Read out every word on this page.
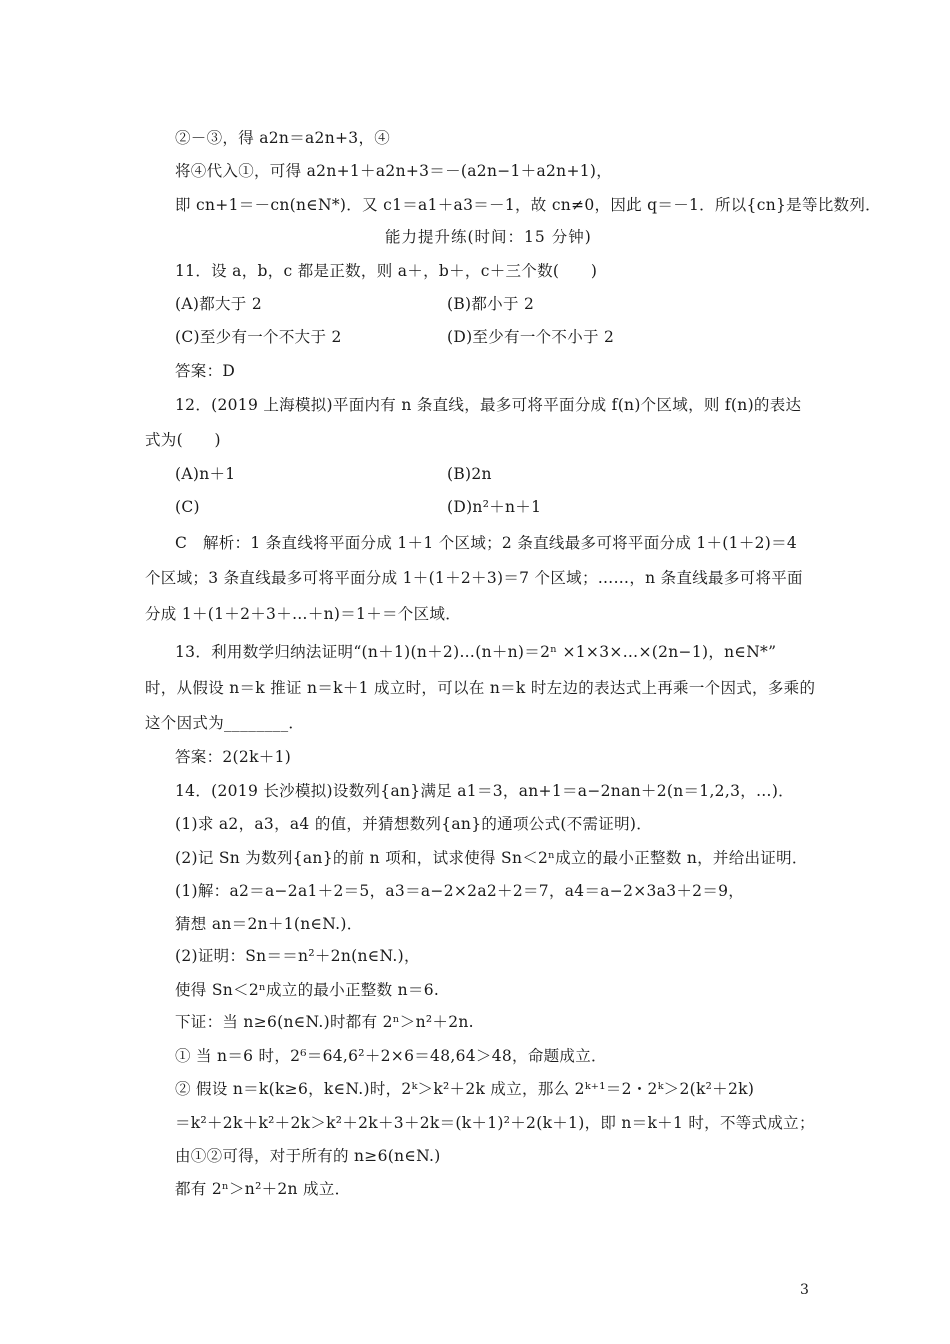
②－③，得 a2n＝a2n+3，④
将④代入①，可得 a2n+1＋a2n+3＝－(a2n−1＋a2n+1)，
即 cn+1＝－cn(n∈N*)．又 c1＝a1＋a3＝－1，故 cn≠0，因此 q＝－1．所以{cn}是等比数列．
能力提升练(时间：15 分钟)
11．设 a，b，c 都是正数，则 a＋，b＋，c＋三个数(　　)
(A)都大于 2	(B)都小于 2
(C)至少有一个不大于 2	(D)至少有一个不小于 2
答案：D
12．(2019 上海模拟)平面内有 n 条直线，最多可将平面分成 f(n)个区域，则 f(n)的表达
式为(　　)
(A)n＋1	(B)2n
(C)	(D)n²＋n＋1
C　解析：1 条直线将平面分成 1＋1 个区域；2 条直线最多可将平面分成 1＋(1＋2)＝4
个区域；3 条直线最多可将平面分成 1＋(1＋2＋3)＝7 个区域；……，n 条直线最多可将平面
分成 1＋(1＋2＋3＋…＋n)＝1＋＝个区域．
13．利用数学归纳法证明“(n＋1)(n＋2)…(n＋n)＝2ⁿ ×1×3×…×(2n−1)，n∈N*”
时，从假设 n＝k 推证 n＝k＋1 成立时，可以在 n＝k 时左边的表达式上再乘一个因式，多乘的
这个因式为________．
答案：2(2k＋1)
14．(2019 长沙模拟)设数列{an}满足 a1＝3，an+1＝a−2nan＋2(n＝1,2,3，…)．
(1)求 a2，a3，a4 的值，并猜想数列{an}的通项公式(不需证明)．
(2)记 Sn 为数列{an}的前 n 项和，试求使得 Sn＜2ⁿ成立的最小正整数 n，并给出证明．
(1)解：a2＝a−2a1＋2＝5，a3＝a−2×2a2＋2＝7，a4＝a−2×3a3＋2＝9，
猜想 an＝2n＋1(n∈N.)．
(2)证明：Sn＝＝n²＋2n(n∈N.)，
使得 Sn＜2ⁿ成立的最小正整数 n＝6.
下证：当 n≥6(n∈N.)时都有 2ⁿ＞n²＋2n.
① 当 n＝6 时，2⁶＝64,6²＋2×6＝48,64＞48，命题成立．
② 假设 n＝k(k≥6，k∈N.)时，2ᵏ＞k²＋2k 成立，那么 2ᵏ⁺¹＝2・2ᵏ＞2(k²＋2k)
＝k²＋2k＋k²＋2k＞k²＋2k＋3＋2k＝(k＋1)²＋2(k＋1)，即 n＝k＋1 时，不等式成立；
由①②可得，对于所有的 n≥6(n∈N.)
都有 2ⁿ＞n²＋2n 成立．
3
